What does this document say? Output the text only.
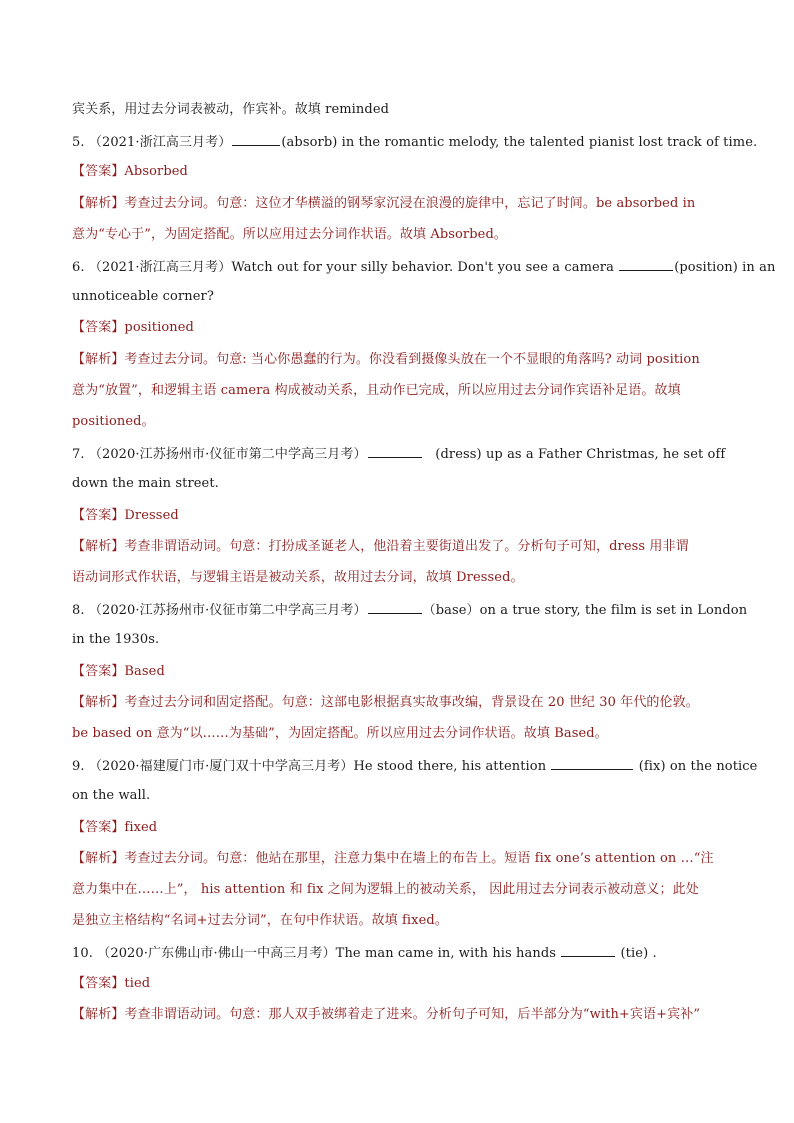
宾关系，用过去分词表被动，作宾补。故填 reminded
5. （2021·浙江高三月考）	(absorb) in the romantic melody, the talented pianist lost track of time.
【答案】Absorbed
【解析】考查过去分词。句意：这位才华横溢的钢琴家沉浸在浪漫的旋律中，忘记了时间。be absorbed in
意为“专心于”，为固定搭配。所以应用过去分词作状语。故填 Absorbed。
6. （2021·浙江高三月考）Watch out for your silly behavior. Don't you see a camera	(position) in an
unnoticeable corner?
【答案】positioned
【解析】考查过去分词。句意: 当心你愚蠢的行为。你没看到摄像头放在一个不显眼的角落吗? 动词 position
意为“放置”，和逻辑主语 camera 构成被动关系，且动作已完成，所以应用过去分词作宾语补足语。故填
positioned。
7. （2020·江苏扬州市·仪征市第二中学高三月考）	(dress) up as a Father Christmas, he set off
down the main street.
【答案】Dressed
【解析】考查非谓语动词。句意：打扮成圣诞老人，他沿着主要街道出发了。分析句子可知，dress 用非谓
语动词形式作状语，与逻辑主语是被动关系，故用过去分词，故填 Dressed。
8. （2020·江苏扬州市·仪征市第二中学高三月考）	（base）on a true story, the film is set in London
in the 1930s.
【答案】Based
【解析】考查过去分词和固定搭配。句意：这部电影根据真实故事改编，背景设在 20 世纪 30 年代的伦敦。
be based on 意为“以……为基础”，为固定搭配。所以应用过去分词作状语。故填 Based。
9. （2020·福建厦门市·厦门双十中学高三月考）He stood there, his attention	(fix) on the notice
on the wall.
【答案】fixed
【解析】考查过去分词。句意：他站在那里，注意力集中在墙上的布告上。短语 fix one’s attention on …“注
意力集中在……上”， his attention 和 fix 之间为逻辑上的被动关系， 因此用过去分词表示被动意义；此处
是独立主格结构“名词+过去分词”，在句中作状语。故填 fixed。
10. （2020·广东佛山市·佛山一中高三月考）The man came in, with his hands	(tie) .
【答案】tied
【解析】考查非谓语动词。句意：那人双手被绑着走了进来。分析句子可知，后半部分为“with+宾语+宾补”
